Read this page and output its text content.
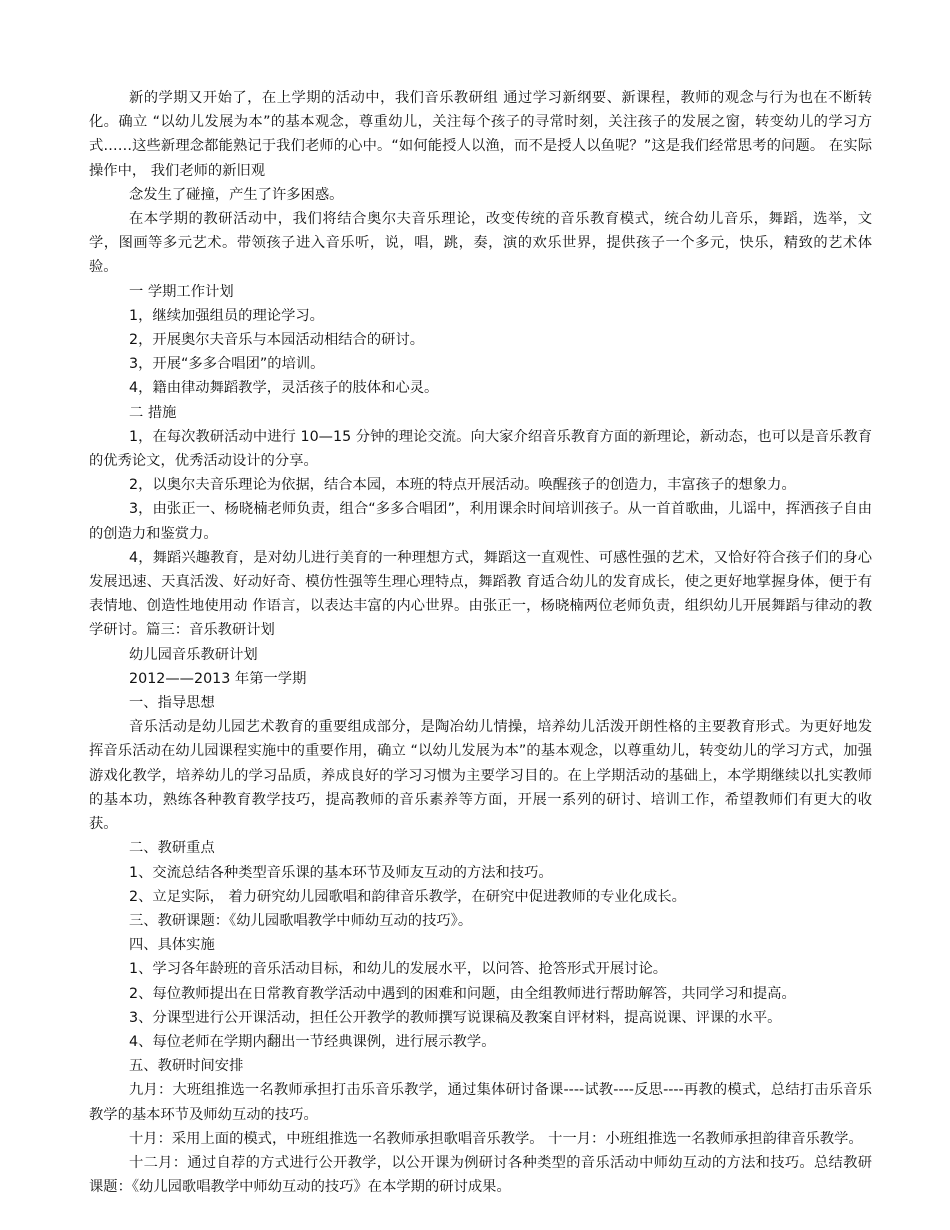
新的学期又开始了，在上学期的活动中，我们音乐教研组 通过学习新纲要、新课程，教师的观念与行为也在不断转化。确立 “以幼儿发展为本”的基本观念，尊重幼儿，关注每个孩子的寻常时刻，关注孩子的发展之窗，转变幼儿的学习方式……这些新理念都能熟记于我们老师的心中。“如何能授人以渔，而不是授人以鱼呢？”这是我们经常思考的问题。 在实际操作中， 我们老师的新旧观

念发生了碰撞，产生了许多困惑。

在本学期的教研活动中，我们将结合奥尔夫音乐理论，改变传统的音乐教育模式，统合幼儿音乐，舞蹈，选举，文学，图画等多元艺术。带领孩子进入音乐听，说，唱，跳，奏，演的欢乐世界，提供孩子一个多元，快乐，精致的艺术体验。

一 学期工作计划

1，继续加强组员的理论学习。

2，开展奥尔夫音乐与本园活动相结合的研讨。

3，开展“多多合唱团”的培训。

4，籍由律动舞蹈教学，灵活孩子的肢体和心灵。

二 措施

1，在每次教研活动中进行 10—15 分钟的理论交流。向大家介绍音乐教育方面的新理论，新动态，也可以是音乐教育的优秀论文，优秀活动设计的分享。

2，以奥尔夫音乐理论为依据，结合本园，本班的特点开展活动。唤醒孩子的创造力，丰富孩子的想象力。

3，由张正一、杨晓楠老师负责，组合“多多合唱团”，利用课余时间培训孩子。从一首首歌曲，儿谣中，挥洒孩子自由的创造力和鉴赏力。

4，舞蹈兴趣教育，是对幼儿进行美育的一种理想方式，舞蹈这一直观性、可感性强的艺术，又恰好符合孩子们的身心发展迅速、天真活泼、好动好奇、模仿性强等生理心理特点，舞蹈教 育适合幼儿的发育成长，使之更好地掌握身体，便于有表情地、创造性地使用动 作语言，以表达丰富的内心世界。由张正一，杨晓楠两位老师负责，组织幼儿开展舞蹈与律动的教学研讨。篇三：音乐教研计划

幼儿园音乐教研计划

2012——2013 年第一学期

一、指导思想

音乐活动是幼儿园艺术教育的重要组成部分，是陶冶幼儿情操，培养幼儿活泼开朗性格的主要教育形式。为更好地发挥音乐活动在幼儿园课程实施中的重要作用，确立 “以幼儿发展为本”的基本观念，以尊重幼儿，转变幼儿的学习方式，加强游戏化教学，培养幼儿的学习品质，养成良好的学习习惯为主要学习目的。在上学期活动的基础上，本学期继续以扎实教师的基本功，熟练各种教育教学技巧，提高教师的音乐素养等方面，开展一系列的研讨、培训工作，希望教师们有更大的收获。

二、教研重点

1、交流总结各种类型音乐课的基本环节及师友互动的方法和技巧。

2、立足实际， 着力研究幼儿园歌唱和韵律音乐教学，在研究中促进教师的专业化成长。

三、教研课题：《幼儿园歌唱教学中师幼互动的技巧》。

四、具体实施

1、学习各年龄班的音乐活动目标，和幼儿的发展水平，以问答、抢答形式开展讨论。

2、每位教师提出在日常教育教学活动中遇到的困难和问题，由全组教师进行帮助解答，共同学习和提高。

3、分课型进行公开课活动，担任公开教学的教师撰写说课稿及教案自评材料，提高说课、评课的水平。

4、每位老师在学期内翻出一节经典课例，进行展示教学。

五、教研时间安排

九月：大班组推选一名教师承担打击乐音乐教学，通过集体研讨备课----试教----反思----再教的模式，总结打击乐音乐教学的基本环节及师幼互动的技巧。

十月：采用上面的模式，中班组推选一名教师承担歌唱音乐教学。 十一月：小班组推选一名教师承担韵律音乐教学。

十二月：通过自荐的方式进行公开教学，以公开课为例研讨各种类型的音乐活动中师幼互动的方法和技巧。总结教研课题：《幼儿园歌唱教学中师幼互动的技巧》在本学期的研讨成果。
